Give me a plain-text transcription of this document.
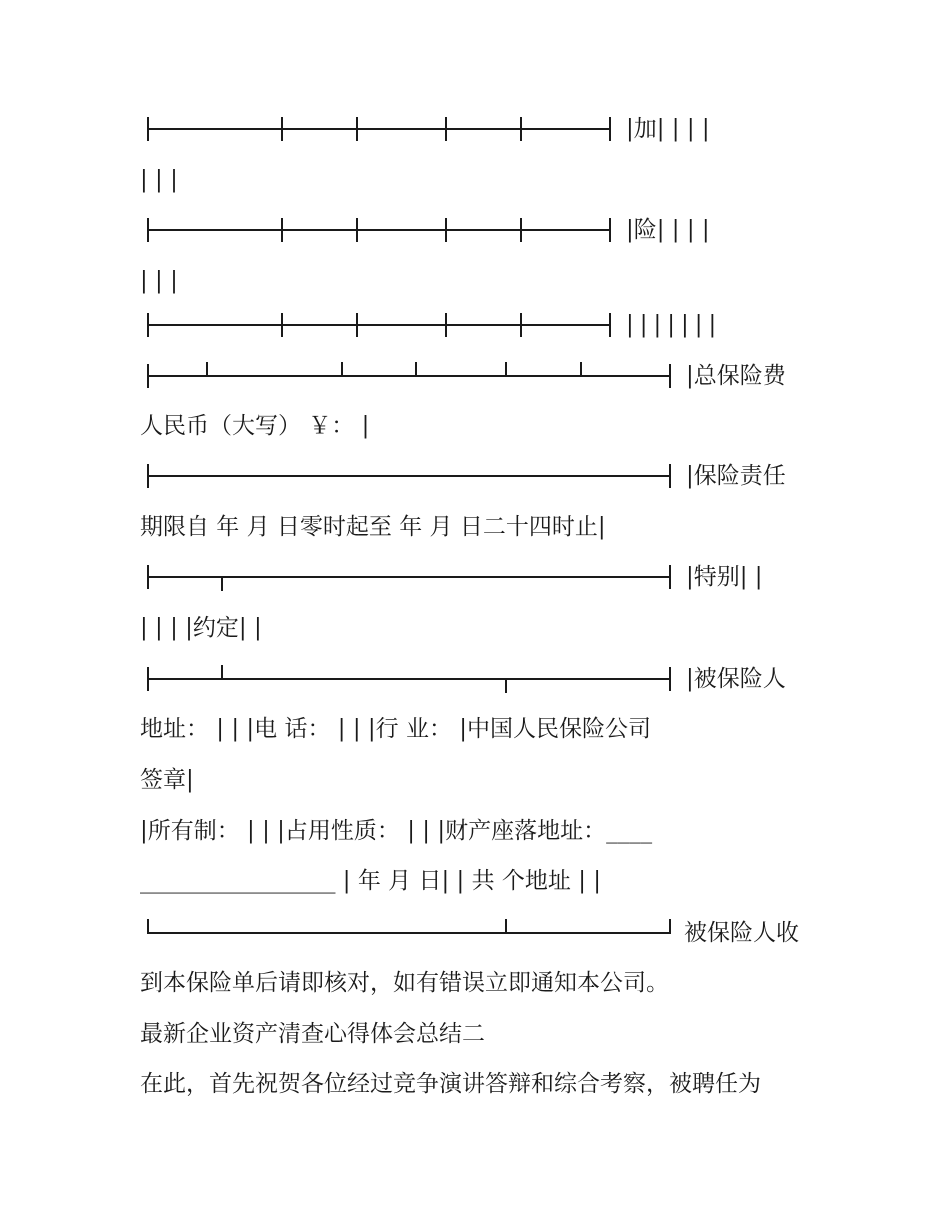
|加| | | |
| | |
|险| | | |
| | |
|||||||
|总保险费
人民币（大写） ￥： |
|保险责任
期限自 年 月 日零时起至 年 月 日二十四时止|
|特别| |
| | | |约定| |
|被保险人
地址： | | |电 话： | | |行 业： |中国人民保险公司
签章|
|所有制： | | |占用性质： | | |财产座落地址：____
_________________ | 年 月 日| | 共 个地址 | |
被保险人收
到本保险单后请即核对，如有错误立即通知本公司。
最新企业资产清查心得体会总结二
在此，首先祝贺各位经过竞争演讲答辩和综合考察，被聘任为
